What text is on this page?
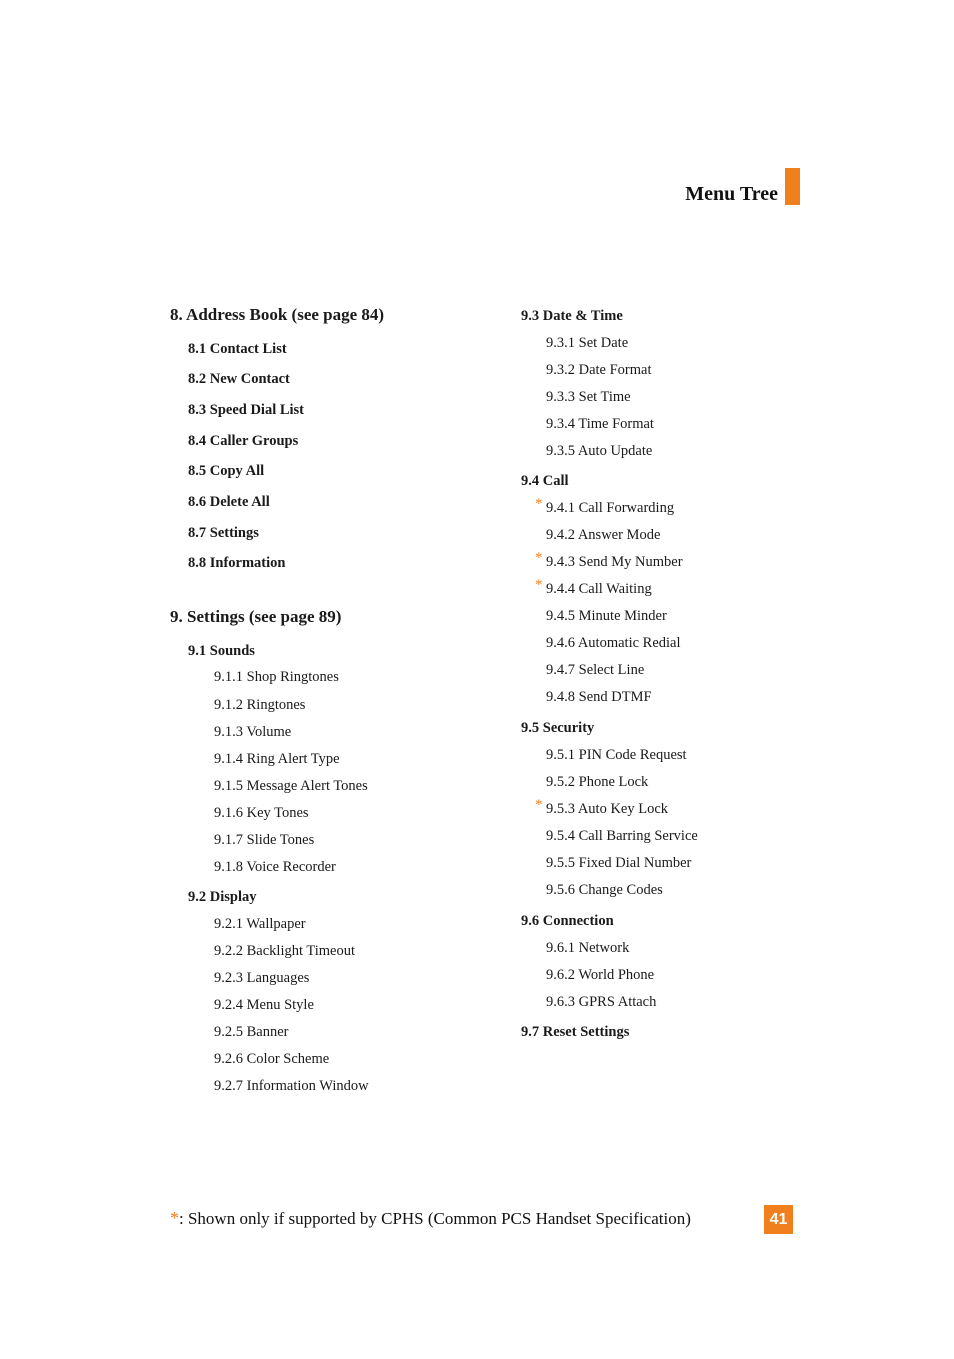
Menu Tree
8. Address Book (see page 84)
8.1 Contact List
8.2 New Contact
8.3 Speed Dial List
8.4 Caller Groups
8.5 Copy All
8.6 Delete All
8.7 Settings
8.8 Information
9. Settings (see page 89)
9.1 Sounds
9.1.1 Shop Ringtones
9.1.2 Ringtones
9.1.3 Volume
9.1.4 Ring Alert Type
9.1.5 Message Alert Tones
9.1.6 Key Tones
9.1.7 Slide Tones
9.1.8 Voice Recorder
9.2 Display
9.2.1 Wallpaper
9.2.2 Backlight Timeout
9.2.3 Languages
9.2.4 Menu Style
9.2.5 Banner
9.2.6 Color Scheme
9.2.7 Information Window
9.3 Date & Time
9.3.1 Set Date
9.3.2 Date Format
9.3.3 Set Time
9.3.4 Time Format
9.3.5 Auto Update
9.4 Call
* 9.4.1 Call Forwarding
9.4.2 Answer Mode
* 9.4.3 Send My Number
* 9.4.4 Call Waiting
9.4.5 Minute Minder
9.4.6 Automatic Redial
9.4.7 Select Line
9.4.8 Send DTMF
9.5 Security
9.5.1 PIN Code Request
9.5.2 Phone Lock
* 9.5.3 Auto Key Lock
9.5.4 Call Barring Service
9.5.5 Fixed Dial Number
9.5.6 Change Codes
9.6 Connection
9.6.1 Network
9.6.2 World Phone
9.6.3 GPRS Attach
9.7 Reset Settings
*: Shown only if supported by CPHS (Common PCS Handset Specification)	41
